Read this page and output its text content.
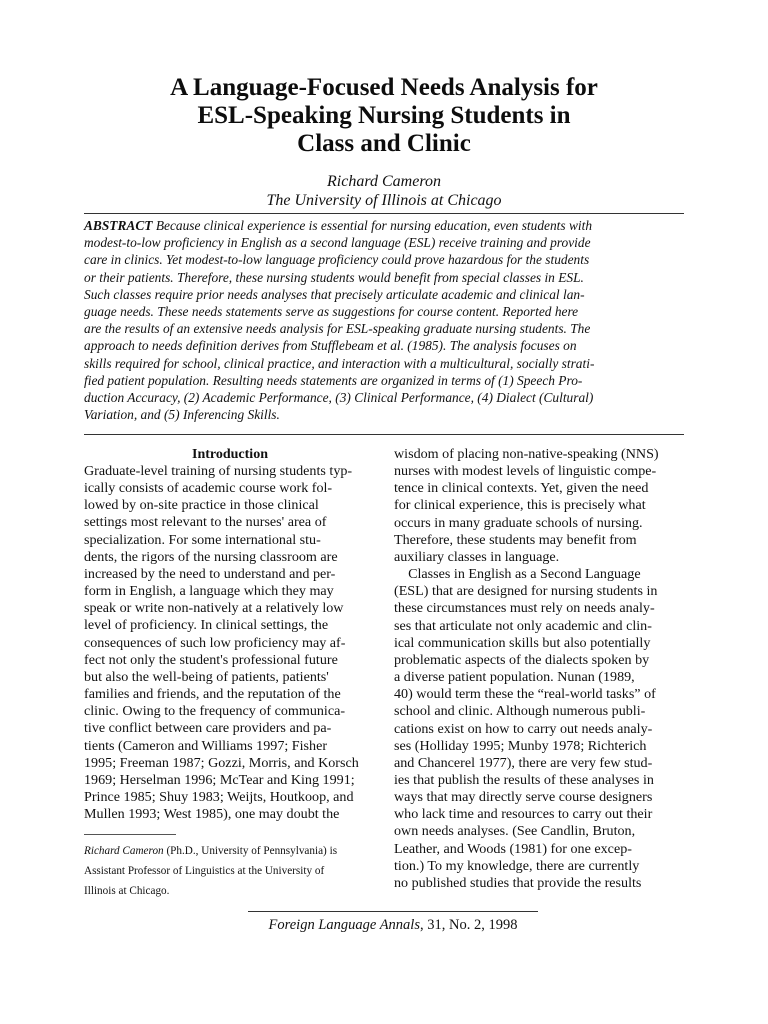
A Language-Focused Needs Analysis for
ESL-Speaking Nursing Students in
Class and Clinic
Richard Cameron
The University of Illinois at Chicago
ABSTRACT Because clinical experience is essential for nursing education, even students with
modest-to-low proficiency in English as a second language (ESL) receive training and provide
care in clinics. Yet modest-to-low language proficiency could prove hazardous for the students
or their patients. Therefore, these nursing students would benefit from special classes in ESL.
Such classes require prior needs analyses that precisely articulate academic and clinical lan-
guage needs. These needs statements serve as suggestions for course content. Reported here
are the results of an extensive needs analysis for ESL-speaking graduate nursing students. The
approach to needs definition derives from Stufflebeam et al. (1985). The analysis focuses on
skills required for school, clinical practice, and interaction with a multicultural, socially strati-
fied patient population. Resulting needs statements are organized in terms of (1) Speech Pro-
duction Accuracy, (2) Academic Performance, (3) Clinical Performance, (4) Dialect (Cultural)
Variation, and (5) Inferencing Skills.
Introduction
Graduate-level training of nursing students typ-
ically consists of academic course work fol-
lowed by on-site practice in those clinical
settings most relevant to the nurses' area of
specialization. For some international stu-
dents, the rigors of the nursing classroom are
increased by the need to understand and per-
form in English, a language which they may
speak or write non-natively at a relatively low
level of proficiency. In clinical settings, the
consequences of such low proficiency may af-
fect not only the student's professional future
but also the well-being of patients, patients'
families and friends, and the reputation of the
clinic. Owing to the frequency of communica-
tive conflict between care providers and pa-
tients (Cameron and Williams 1997; Fisher
1995; Freeman 1987; Gozzi, Morris, and Korsch
1969; Herselman 1996; McTear and King 1991;
Prince 1985; Shuy 1983; Weijts, Houtkoop, and
Mullen 1993; West 1985), one may doubt the
wisdom of placing non-native-speaking (NNS)
nurses with modest levels of linguistic compe-
tence in clinical contexts. Yet, given the need
for clinical experience, this is precisely what
occurs in many graduate schools of nursing.
Therefore, these students may benefit from
auxiliary classes in language.
Classes in English as a Second Language
(ESL) that are designed for nursing students in
these circumstances must rely on needs analy-
ses that articulate not only academic and clin-
ical communication skills but also potentially
problematic aspects of the dialects spoken by
a diverse patient population. Nunan (1989,
40) would term these the “real-world tasks” of
school and clinic. Although numerous publi-
cations exist on how to carry out needs analy-
ses (Holliday 1995; Munby 1978; Richterich
and Chancerel 1977), there are very few stud-
ies that publish the results of these analyses in
ways that may directly serve course designers
who lack time and resources to carry out their
own needs analyses. (See Candlin, Bruton,
Leather, and Woods (1981) for one excep-
tion.) To my knowledge, there are currently
no published studies that provide the results
Richard Cameron (Ph.D., University of Pennsylvania) is
Assistant Professor of Linguistics at the University of
Illinois at Chicago.
Foreign Language Annals, 31, No. 2, 1998
